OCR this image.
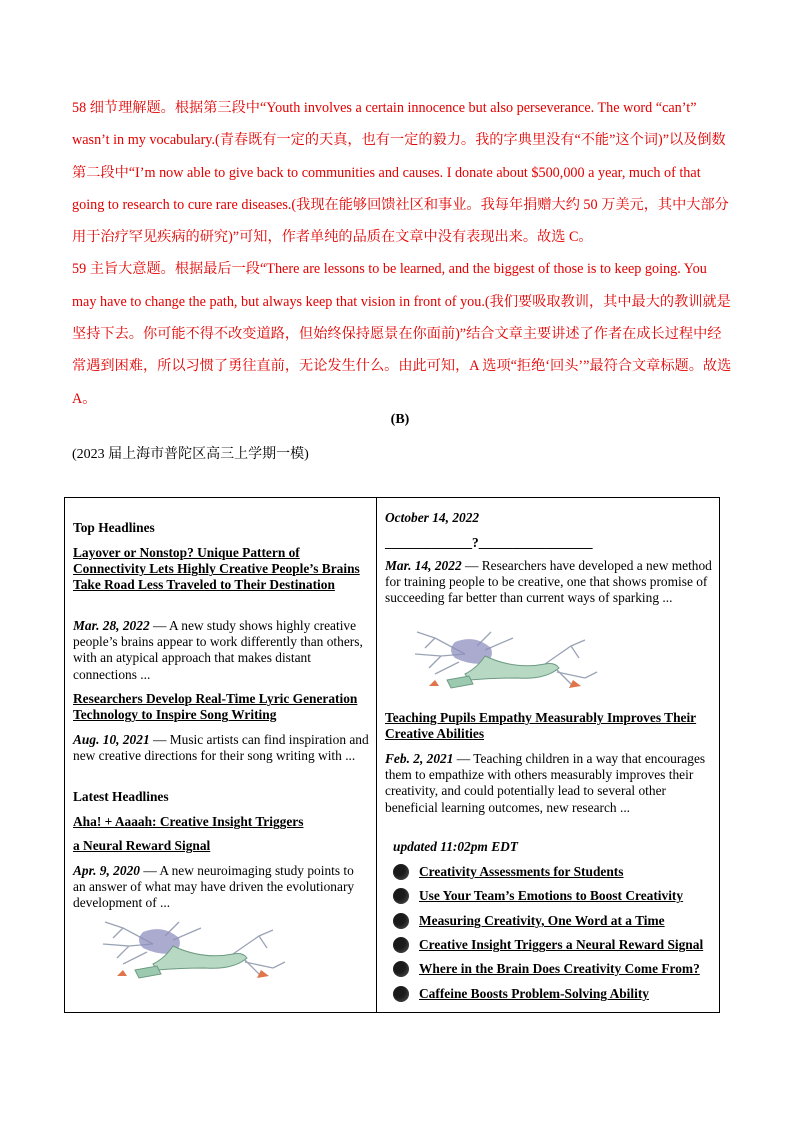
58 细节理解题。根据第三段中“Youth involves a certain innocence but also perseverance. The word “can’t” wasn’t in my vocabulary.(青春既有一定的天真，也有一定的毅力。我的字典里没有“不能”这个词)”以及倒数第二段中“I’m now able to give back to communities and causes. I donate about $500,000 a year, much of that going to research to cure rare diseases.(我现在能够回馈社区和事业。我每年捐赠大约 50 万美元，其中大部分用于治疗罕见疾病的研究)”可知，作者单纯的品质在文章中没有表现出来。故选 C。

59 主旨大意题。根据最后一段“There are lessons to be learned, and the biggest of those is to keep going. You may have to change the path, but always keep that vision in front of you.(我们要吸取教训，其中最大的教训就是坚持下去。你可能不得不改变道路，但始终保持愿景在你面前)”结合文章主要讲述了作者在成长过程中经常遇到困难，所以习惯了勇往直前，无论发生什么。由此可知，A 选项“拒绝‘回头’”最符合文章标题。故选 A。

(B)
(2023 届上海市普陀区高三上学期一模)
Top Headlines
Layover or Nonstop? Unique Pattern of Connectivity Lets Highly Creative People’s Brains Take Road Less Traveled to Their Destination
Mar. 28, 2022 — A new study shows highly creative people’s brains appear to work differently than others, with an atypical approach that makes distant connections ...
Researchers Develop Real-Time Lyric Generation Technology to Inspire Song Writing
Aug. 10, 2021 — Music artists can find inspiration and new creative directions for their song writing with ...
Latest Headlines
Aha! + Aaaah: Creative Insight Triggers
a Neural Reward Signal
Apr. 9, 2020 — A new neuroimaging study points to an answer of what may have driven the evolutionary development of ...
October 14, 2022
_____________?_________________
Mar. 14, 2022 — Researchers have developed a new method for training people to be creative, one that shows promise of succeeding far better than current ways of sparking ...
Teaching Pupils Empathy Measurably Improves Their Creative Abilities
Feb. 2, 2021 — Teaching children in a way that encourages them to empathize with others measurably improves their creativity, and could potentially lead to several other beneficial learning outcomes, new research ...
updated 11:02pm EDT
Creativity Assessments for Students
Use Your Team’s Emotions to Boost Creativity
Measuring Creativity, One Word at a Time
Creative Insight Triggers a Neural Reward Signal
Where in the Brain Does Creativity Come From?
Caffeine Boosts Problem-Solving Ability
